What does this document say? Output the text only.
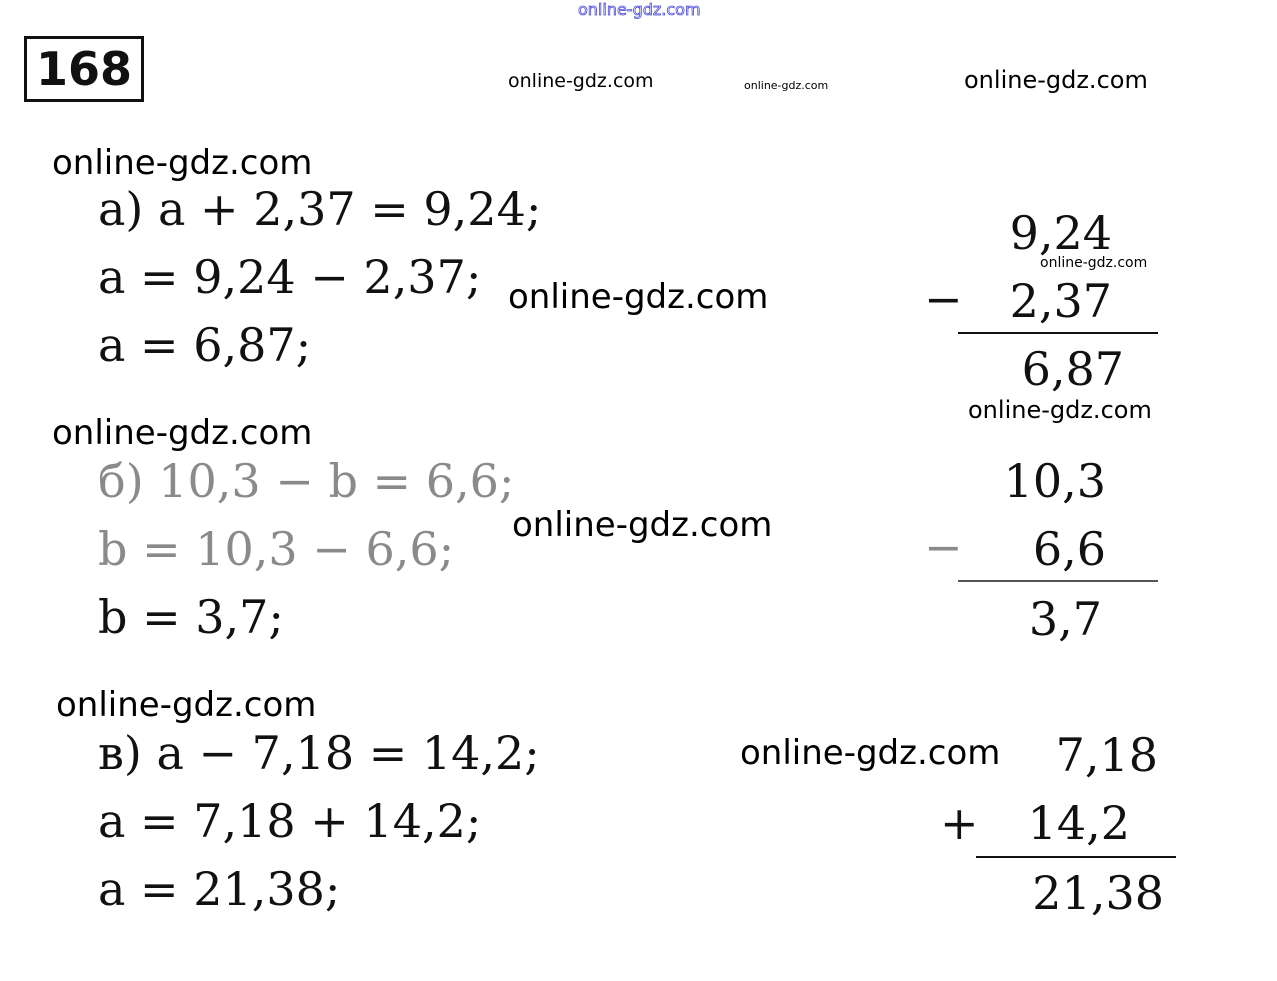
online-gdz.com
168	online-gdz.com	online-gdz.com	online-gdz.com
online-gdz.com
а) a + 2,37 = 9,24;
a = 9,24 − 2,37;
a = 6,87;
online-gdz.com
9,24
online-gdz.com
− 2,37
6,87
online-gdz.com
online-gdz.com
б) 10,3 − b = 6,6;
b = 10,3 − 6,6;
b = 3,7;
online-gdz.com
10,3
−	6,6
3,7
online-gdz.com
в) a − 7,18 = 14,2;
a = 7,18 + 14,2;
a = 21,38;
online-gdz.com	7,18
+	14,2
21,38
